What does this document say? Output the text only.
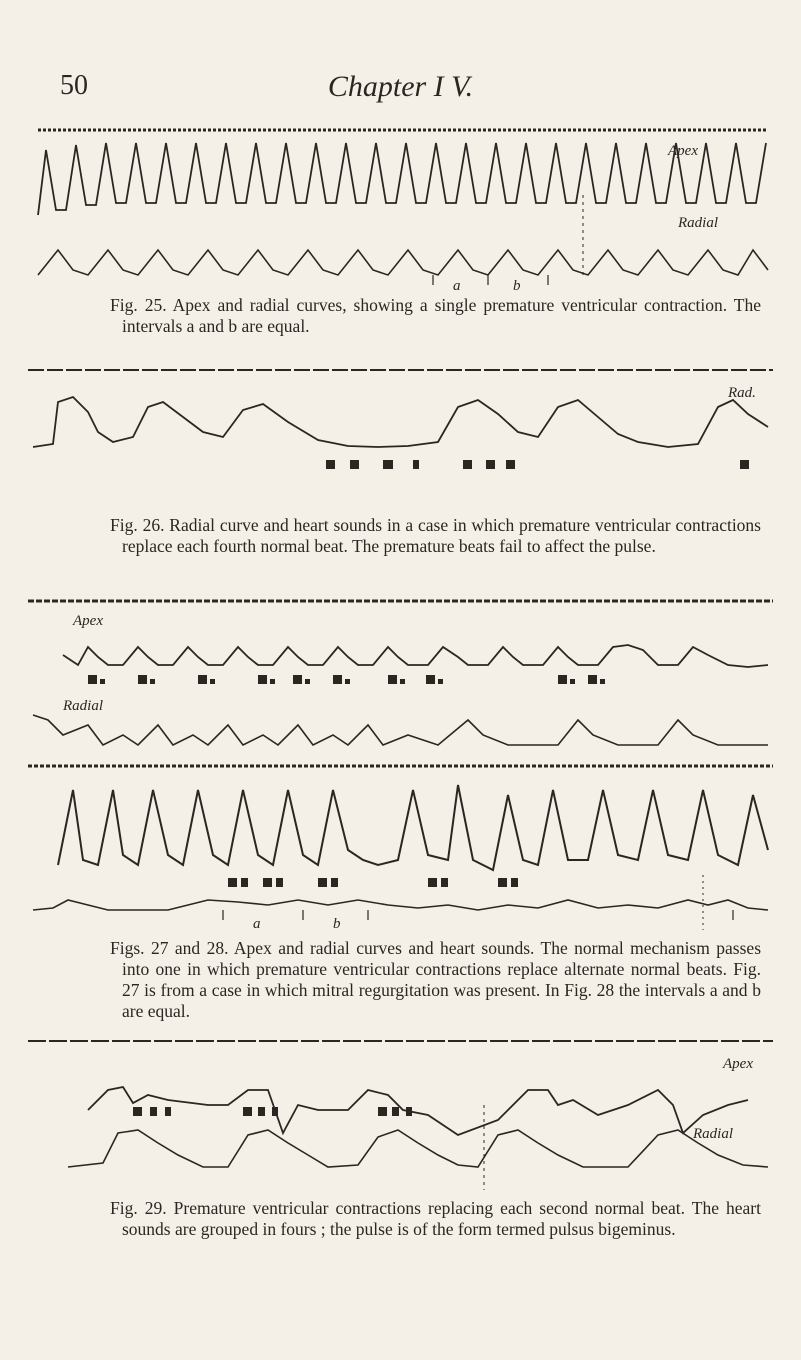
50	Chapter I V.
Apex
Radial
a	b
Fig. 25. Apex and radial curves, showing a single premature ventricular contraction. The intervals a and b are equal.
Rad.
Fig. 26. Radial curve and heart sounds in a case in which premature ventricular contractions replace each fourth normal beat. The premature beats fail to affect the pulse.
Apex
Radial
a	b
Figs. 27 and 28. Apex and radial curves and heart sounds. The normal mechanism passes into one in which premature ventricular contractions replace alternate normal beats. Fig. 27 is from a case in which mitral regurgitation was present. In Fig. 28 the intervals a and b are equal.
Apex
Radial
Fig. 29. Premature ventricular contractions replacing each second normal beat. The heart sounds are grouped in fours ; the pulse is of the form termed pulsus bigeminus.
